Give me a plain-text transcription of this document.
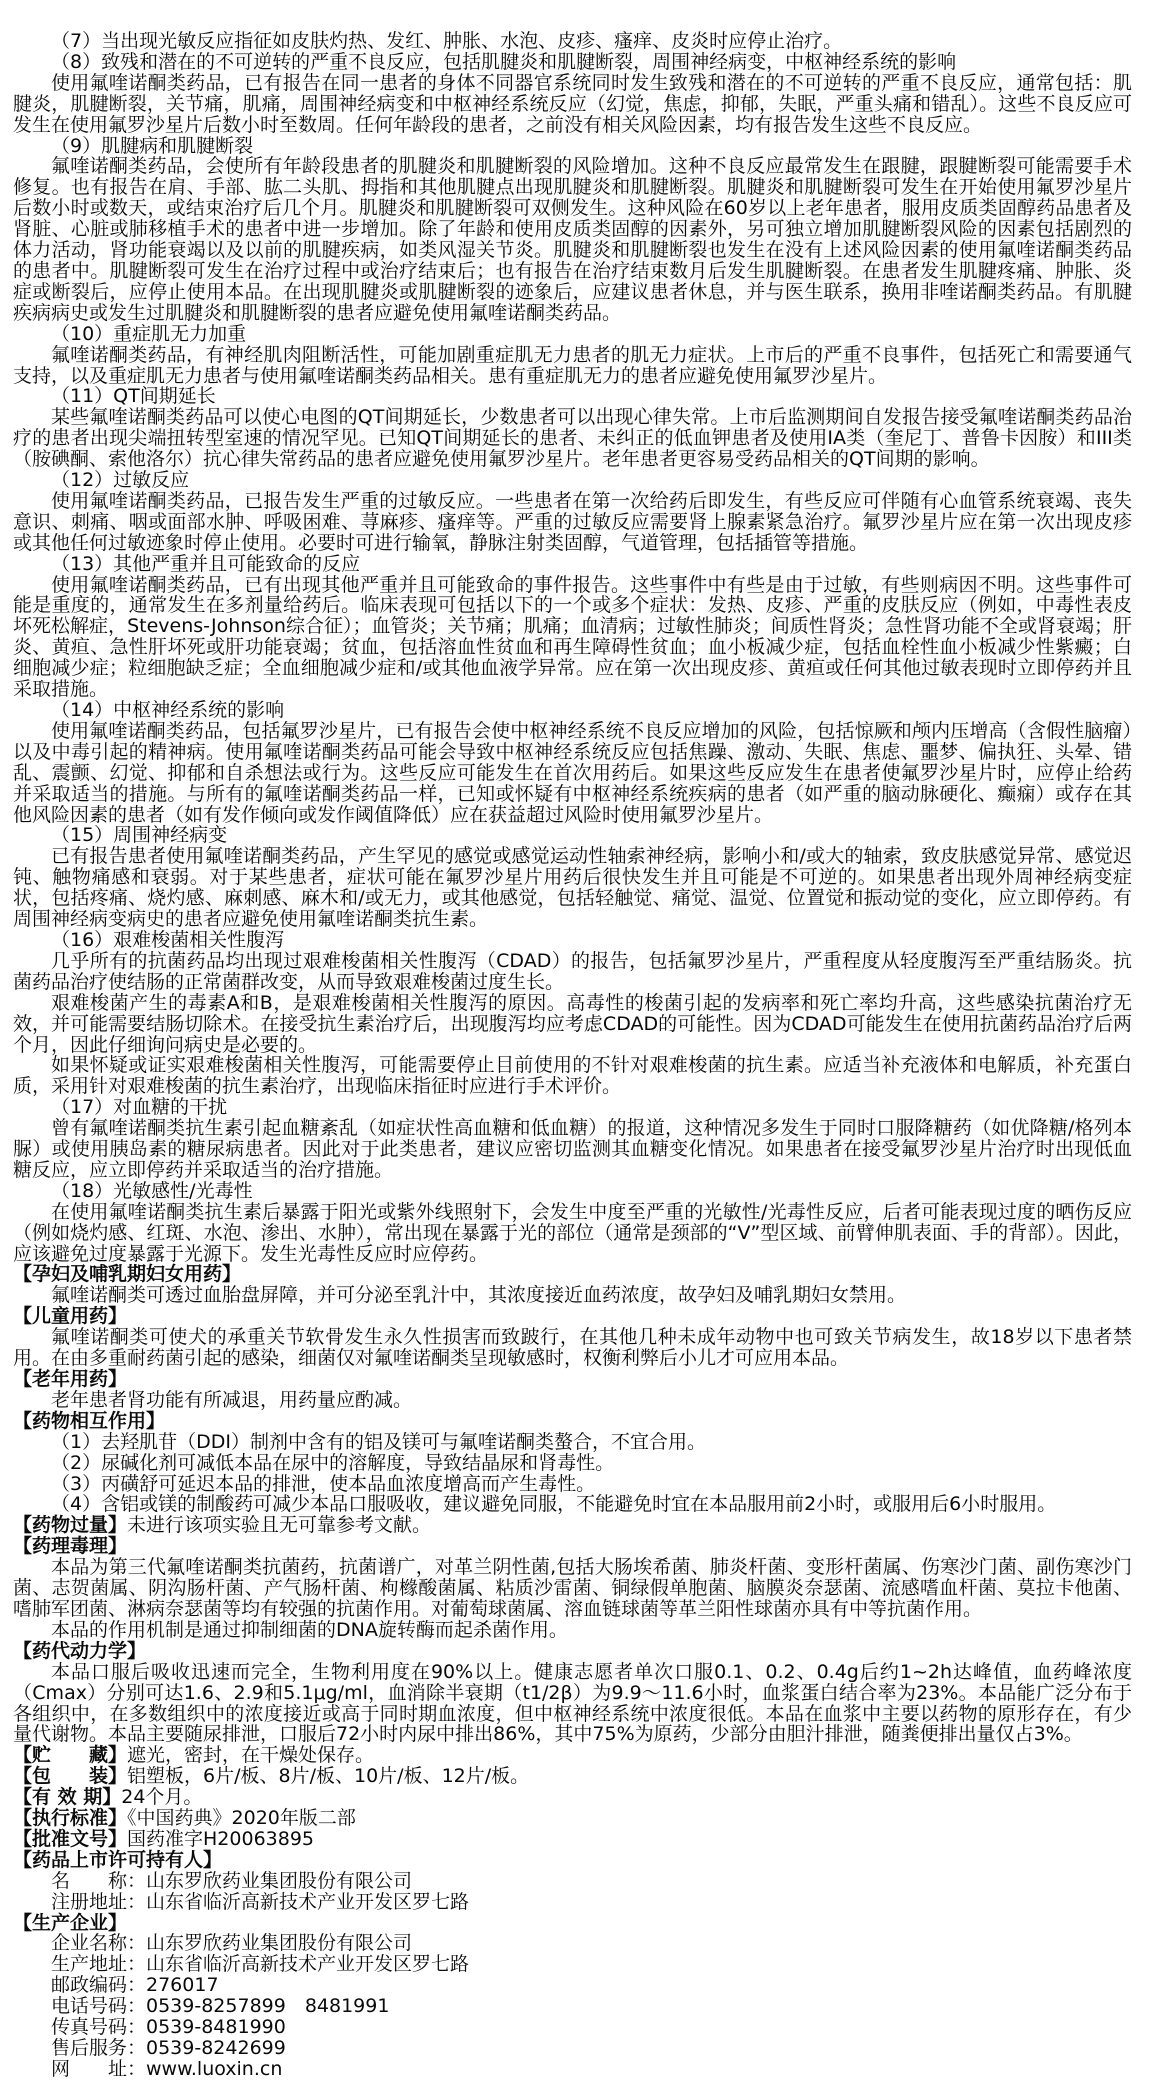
（7）当出现光敏反应指征如皮肤灼热、发红、肿胀、水泡、皮疹、瘙痒、皮炎时应停止治疗。

（8）致残和潜在的不可逆转的严重不良反应，包括肌腱炎和肌腱断裂，周围神经病变，中枢神经系统的影响

使用氟喹诺酮类药品，已有报告在同一患者的身体不同器官系统同时发生致残和潜在的不可逆转的严重不良反应，通常包括：肌腱炎，肌腱断裂，关节痛，肌痛，周围神经病变和中枢神经系统反应（幻觉，焦虑，抑郁，失眠，严重头痛和错乱）。这些不良反应可发生在使用氟罗沙星片后数小时至数周。任何年龄段的患者，之前没有相关风险因素，均有报告发生这些不良反应。

（9）肌腱病和肌腱断裂

氟喹诺酮类药品，会使所有年龄段患者的肌腱炎和肌腱断裂的风险增加。这种不良反应最常发生在跟腱，跟腱断裂可能需要手术修复。也有报告在肩、手部、肱二头肌、拇指和其他肌腱点出现肌腱炎和肌腱断裂。肌腱炎和肌腱断裂可发生在开始使用氟罗沙星片后数小时或数天，或结束治疗后几个月。肌腱炎和肌腱断裂可双侧发生。这种风险在60岁以上老年患者，服用皮质类固醇药品患者及肾脏、心脏或肺移植手术的患者中进一步增加。除了年龄和使用皮质类固醇的因素外，另可独立增加肌腱断裂风险的因素包括剧烈的体力活动，肾功能衰竭以及以前的肌腱疾病，如类风湿关节炎。肌腱炎和肌腱断裂也发生在没有上述风险因素的使用氟喹诺酮类药品的患者中。肌腱断裂可发生在治疗过程中或治疗结束后；也有报告在治疗结束数月后发生肌腱断裂。在患者发生肌腱疼痛、肿胀、炎症或断裂后，应停止使用本品。在出现肌腱炎或肌腱断裂的迹象后，应建议患者休息，并与医生联系，换用非喹诺酮类药品。有肌腱疾病病史或发生过肌腱炎和肌腱断裂的患者应避免使用氟喹诺酮类药品。

（10）重症肌无力加重

氟喹诺酮类药品，有神经肌肉阻断活性，可能加剧重症肌无力患者的肌无力症状。上市后的严重不良事件，包括死亡和需要通气支持，以及重症肌无力患者与使用氟喹诺酮类药品相关。患有重症肌无力的患者应避免使用氟罗沙星片。

（11）QT间期延长

某些氟喹诺酮类药品可以使心电图的QT间期延长，少数患者可以出现心律失常。上市后监测期间自发报告接受氟喹诺酮类药品治疗的患者出现尖端扭转型室速的情况罕见。已知QT间期延长的患者、未纠正的低血钾患者及使用IA类（奎尼丁、普鲁卡因胺）和III类（胺碘酮、索他洛尔）抗心律失常药品的患者应避免使用氟罗沙星片。老年患者更容易受药品相关的QT间期的影响。

（12）过敏反应

使用氟喹诺酮类药品，已报告发生严重的过敏反应。一些患者在第一次给药后即发生，有些反应可伴随有心血管系统衰竭、丧失意识、刺痛、咽或面部水肿、呼吸困难、荨麻疹、瘙痒等。严重的过敏反应需要肾上腺素紧急治疗。氟罗沙星片应在第一次出现皮疹或其他任何过敏迹象时停止使用。必要时可进行输氧，静脉注射类固醇，气道管理，包括插管等措施。

（13）其他严重并且可能致命的反应

使用氟喹诺酮类药品，已有出现其他严重并且可能致命的事件报告。这些事件中有些是由于过敏，有些则病因不明。这些事件可能是重度的，通常发生在多剂量给药后。临床表现可包括以下的一个或多个症状：发热、皮疹、严重的皮肤反应（例如，中毒性表皮坏死松解症，Stevens-Johnson综合征）；血管炎；关节痛；肌痛；血清病；过敏性肺炎；间质性肾炎；急性肾功能不全或肾衰竭；肝炎、黄疸、急性肝坏死或肝功能衰竭；贫血，包括溶血性贫血和再生障碍性贫血；血小板减少症，包括血栓性血小板减少性紫癜；白细胞减少症；粒细胞缺乏症；全血细胞减少症和/或其他血液学异常。应在第一次出现皮疹、黄疸或任何其他过敏表现时立即停药并且采取措施。

（14）中枢神经系统的影响

使用氟喹诺酮类药品，包括氟罗沙星片，已有报告会使中枢神经系统不良反应增加的风险，包括惊厥和颅内压增高（含假性脑瘤）以及中毒引起的精神病。使用氟喹诺酮类药品可能会导致中枢神经系统反应包括焦躁、激动、失眠、焦虑、噩梦、偏执狂、头晕、错乱、震颤、幻觉、抑郁和自杀想法或行为。这些反应可能发生在首次用药后。如果这些反应发生在患者使氟罗沙星片时，应停止给药并采取适当的措施。与所有的氟喹诺酮类药品一样，已知或怀疑有中枢神经系统疾病的患者（如严重的脑动脉硬化、癫痫）或存在其他风险因素的患者（如有发作倾向或发作阈值降低）应在获益超过风险时使用氟罗沙星片。

（15）周围神经病变

已有报告患者使用氟喹诺酮类药品，产生罕见的感觉或感觉运动性轴索神经病，影响小和/或大的轴索，致皮肤感觉异常、感觉迟钝、触物痛感和衰弱。对于某些患者，症状可能在氟罗沙星片用药后很快发生并且可能是不可逆的。如果患者出现外周神经病变症状，包括疼痛、烧灼感、麻刺感、麻木和/或无力，或其他感觉，包括轻触觉、痛觉、温觉、位置觉和振动觉的变化，应立即停药。有周围神经病变病史的患者应避免使用氟喹诺酮类抗生素。

（16）艰难梭菌相关性腹泻

几乎所有的抗菌药品均出现过艰难梭菌相关性腹泻（CDAD）的报告，包括氟罗沙星片，严重程度从轻度腹泻至严重结肠炎。抗菌药品治疗使结肠的正常菌群改变，从而导致艰难梭菌过度生长。

艰难梭菌产生的毒素A和B，是艰难梭菌相关性腹泻的原因。高毒性的梭菌引起的发病率和死亡率均升高，这些感染抗菌治疗无效，并可能需要结肠切除术。在接受抗生素治疗后，出现腹泻均应考虑CDAD的可能性。因为CDAD可能发生在使用抗菌药品治疗后两个月，因此仔细询问病史是必要的。

如果怀疑或证实艰难梭菌相关性腹泻，可能需要停止目前使用的不针对艰难梭菌的抗生素。应适当补充液体和电解质，补充蛋白质，采用针对艰难梭菌的抗生素治疗，出现临床指征时应进行手术评价。

（17）对血糖的干扰

曾有氟喹诺酮类抗生素引起血糖紊乱（如症状性高血糖和低血糖）的报道，这种情况多发生于同时口服降糖药（如优降糖/格列本脲）或使用胰岛素的糖尿病患者。因此对于此类患者，建议应密切监测其血糖变化情况。如果患者在接受氟罗沙星片治疗时出现低血糖反应，应立即停药并采取适当的治疗措施。

（18）光敏感性/光毒性

在使用氟喹诺酮类抗生素后暴露于阳光或紫外线照射下，会发生中度至严重的光敏性/光毒性反应，后者可能表现过度的晒伤反应（例如烧灼感、红斑、水泡、渗出、水肿），常出现在暴露于光的部位（通常是颈部的“V”型区域、前臂伸肌表面、手的背部）。因此，应该避免过度暴露于光源下。发生光毒性反应时应停药。

【孕妇及哺乳期妇女用药】

氟喹诺酮类可透过血胎盘屏障，并可分泌至乳汁中，其浓度接近血药浓度，故孕妇及哺乳期妇女禁用。

【儿童用药】

氟喹诺酮类可使犬的承重关节软骨发生永久性损害而致跛行，在其他几种未成年动物中也可致关节病发生，故18岁以下患者禁用。在由多重耐药菌引起的感染，细菌仅对氟喹诺酮类呈现敏感时，权衡利弊后小儿才可应用本品。

【老年用药】

老年患者肾功能有所减退，用药量应酌减。

【药物相互作用】

（1）去羟肌苷（DDI）制剂中含有的铝及镁可与氟喹诺酮类螯合，不宜合用。

（2）尿碱化剂可减低本品在尿中的溶解度，导致结晶尿和肾毒性。

（3）丙磺舒可延迟本品的排泄，使本品血浓度增高而产生毒性。

（4）含铝或镁的制酸药可减少本品口服吸收，建议避免同服，不能避免时宜在本品服用前2小时，或服用后6小时服用。

【药物过量】未进行该项实验且无可靠参考文献。

【药理毒理】

本品为第三代氟喹诺酮类抗菌药，抗菌谱广，对革兰阴性菌,包括大肠埃希菌、肺炎杆菌、变形杆菌属、伤寒沙门菌、副伤寒沙门菌、志贺菌属、阴沟肠杆菌、产气肠杆菌、枸橼酸菌属、粘质沙雷菌、铜绿假单胞菌、脑膜炎奈瑟菌、流感嗜血杆菌、莫拉卡他菌、嗜肺军团菌、淋病奈瑟菌等均有较强的抗菌作用。对葡萄球菌属、溶血链球菌等革兰阳性球菌亦具有中等抗菌作用。

本品的作用机制是通过抑制细菌的DNA旋转酶而起杀菌作用。

【药代动力学】

本品口服后吸收迅速而完全，生物利用度在90%以上。健康志愿者单次口服0.1、0.2、0.4g后约1~2h达峰值，血药峰浓度（Cmax）分别可达1.6、2.9和5.1μg/ml，血消除半衰期（t1/2β）为9.9～11.6小时，血浆蛋白结合率为23%。本品能广泛分布于各组织中，在多数组织中的浓度接近或高于同时期血浓度，但中枢神经系统中浓度很低。本品在血浆中主要以药物的原形存在，有少量代谢物。本品主要随尿排泄，口服后72小时内尿中排出86%，其中75%为原药，少部分由胆汁排泄，随粪便排出量仅占3%。

【贮　　藏】遮光，密封，在干燥处保存。

【包　　装】铝塑板，6片/板、8片/板、10片/板、12片/板。

【有 效 期】24个月。

【执行标准】《中国药典》2020年版二部

【批准文号】国药准字H20063895

【药品上市许可持有人】

名　　称：山东罗欣药业集团股份有限公司

注册地址：山东省临沂高新技术产业开发区罗七路

【生产企业】

企业名称：山东罗欣药业集团股份有限公司

生产地址：山东省临沂高新技术产业开发区罗七路

邮政编码：276017

电话号码：0539-8257899　8481991

传真号码：0539-8481990

售后服务：0539-8242699

网　　址：www.luoxin.cn
